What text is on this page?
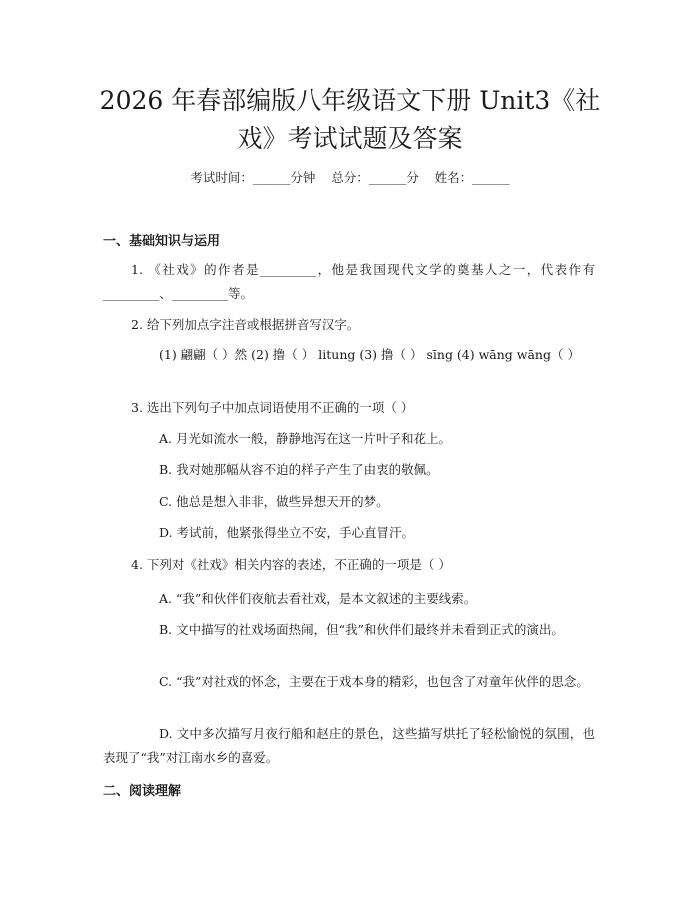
2026 年春部编版八年级语文下册 Unit3《社
戏》考试试题及答案
考试时间：______分钟    总分：______分    姓名：______
一、基础知识与运用
1. 《社戏》的作者是_________，他是我国现代文学的奠基人之一，代表作有_________、_________等。
2. 给下列加点字注音或根据拼音写汉字。
(1) 翩翩（ ）然 (2) 撸（ ） litung (3) 撸（ ） sīng (4) wāng wāng（ ）
3. 选出下列句子中加点词语使用不正确的一项（ ）
A. 月光如流水一般，静静地泻在这一片叶子和花上。
B. 我对她那幅从容不迫的样子产生了由衷的敬佩。
C. 他总是想入非非，做些异想天开的梦。
D. 考试前，他紧张得坐立不安，手心直冒汗。
4. 下列对《社戏》相关内容的表述，不正确的一项是（ ）
A. “我”和伙伴们夜航去看社戏，是本文叙述的主要线索。
B. 文中描写的社戏场面热闹，但“我”和伙伴们最终并未看到正式的演出。
C. “我”对社戏的怀念，主要在于戏本身的精彩，也包含了对童年伙伴的思念。
D. 文中多次描写月夜行船和赵庄的景色，这些描写烘托了轻松愉悦的氛围，也表现了“我”对江南水乡的喜爱。
二、阅读理解
